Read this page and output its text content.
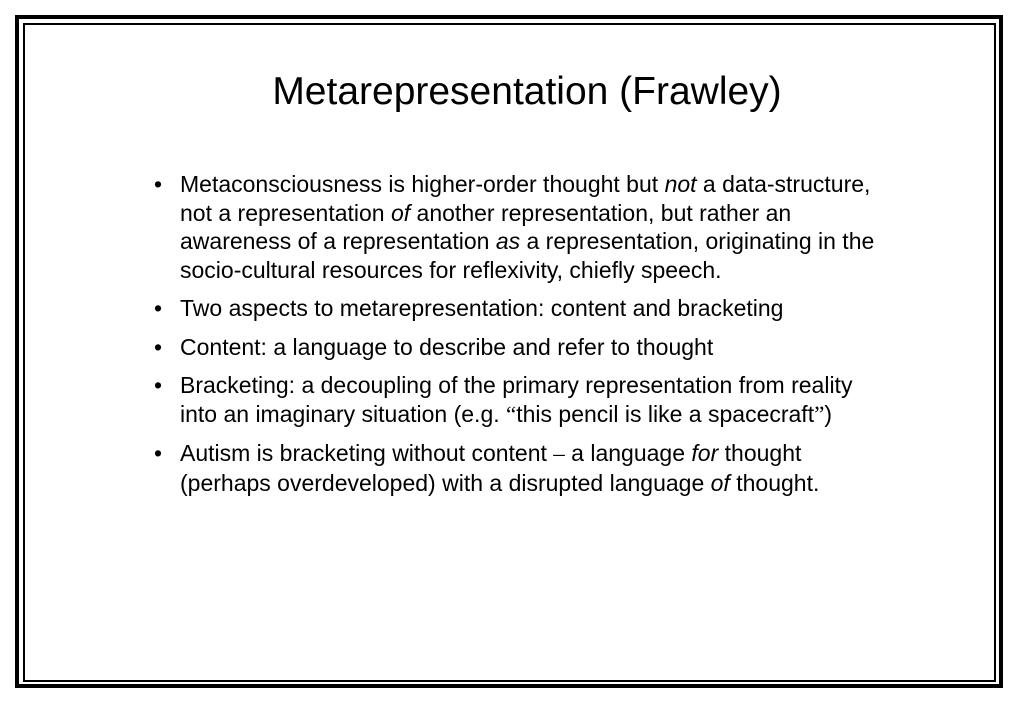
Metarepresentation (Frawley)
• Metaconsciousness is higher-order thought but not a data-structure, not a representation of another representation, but rather an awareness of a representation as a representation, originating in the socio-cultural resources for reflexivity, chiefly speech.
• Two aspects to metarepresentation: content and bracketing
• Content: a language to describe and refer to thought
• Bracketing: a decoupling of the primary representation from reality into an imaginary situation (e.g. “this pencil is like a spacecraft”)
• Autism is bracketing without content – a language for thought (perhaps overdeveloped) with a disrupted language of thought.
